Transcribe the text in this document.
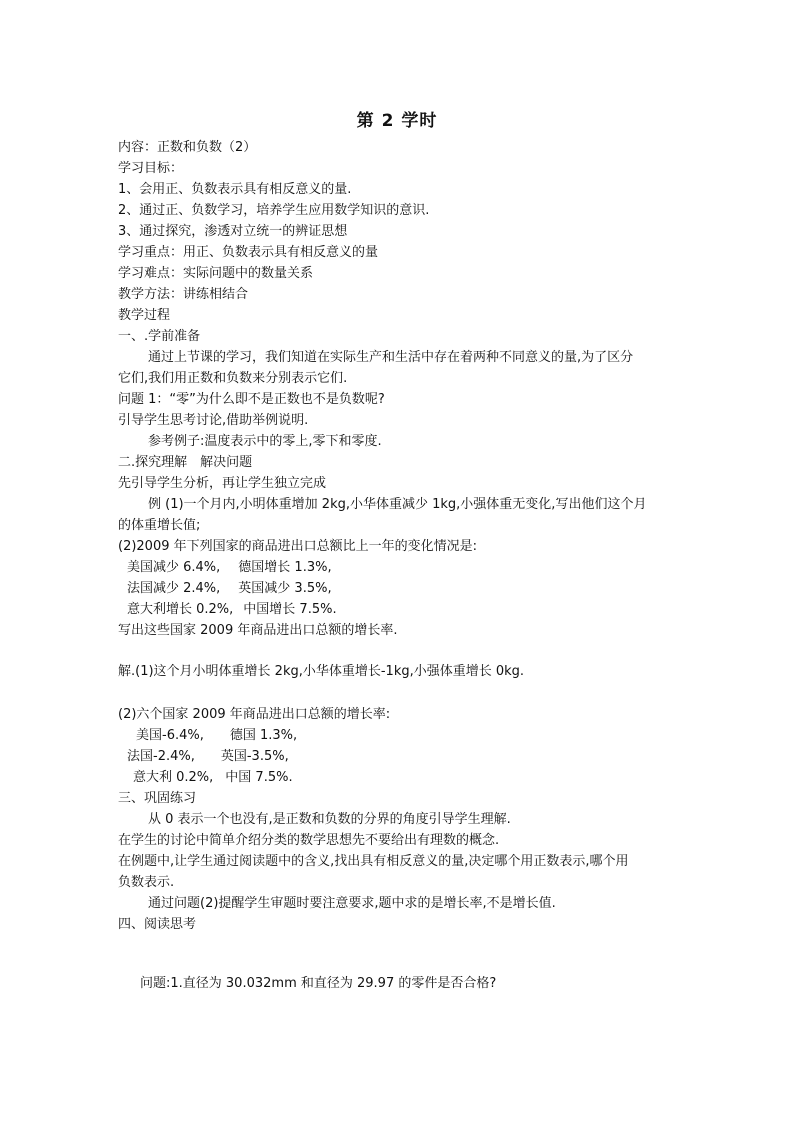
第 2 学时
内容：正数和负数（2）
学习目标：
1、会用正、负数表示具有相反意义的量.
2、通过正、负数学习，培养学生应用数学知识的意识.
3、通过探究，渗透对立统一的辨证思想
学习重点：用正、负数表示具有相反意义的量
学习难点：实际问题中的数量关系
教学方法：讲练相结合
教学过程
一、.学前准备
通过上节课的学习，我们知道在实际生产和生活中存在着两种不同意义的量,为了区分
它们,我们用正数和负数来分别表示它们.
问题 1：“零”为什么即不是正数也不是负数呢?
引导学生思考讨论,借助举例说明.
参考例子:温度表示中的零上,零下和零度.
二.探究理解　解决问题
先引导学生分析，再让学生独立完成
例 (1)一个月内,小明体重增加 2kg,小华体重减少 1kg,小强体重无变化,写出他们这个月
的体重增长值;
(2)2009 年下列国家的商品进出口总额比上一年的变化情况是:
美国减少 6.4%, 德国增长 1.3%,
法国减少 2.4%, 英国减少 3.5%,
意大利增长 0.2%, 中国增长 7.5%.
写出这些国家 2009 年商品进出口总额的增长率.
解.(1)这个月小明体重增长 2kg,小华体重增长-1kg,小强体重增长 0kg.
(2)六个国家 2009 年商品进出口总额的增长率:
美国-6.4%, 德国 1.3%,
法国-2.4%, 英国-3.5%,
意大利 0.2%, 中国 7.5%.
三、巩固练习
从 0 表示一个也没有,是正数和负数的分界的角度引导学生理解.
在学生的讨论中简单介绍分类的数学思想先不要给出有理数的概念.
在例题中,让学生通过阅读题中的含义,找出具有相反意义的量,决定哪个用正数表示,哪个用
负数表示.
通过问题(2)提醒学生审题时要注意要求,题中求的是增长率,不是增长值.
四、阅读思考
问题:1.直径为 30.032mm 和直径为 29.97 的零件是否合格?
